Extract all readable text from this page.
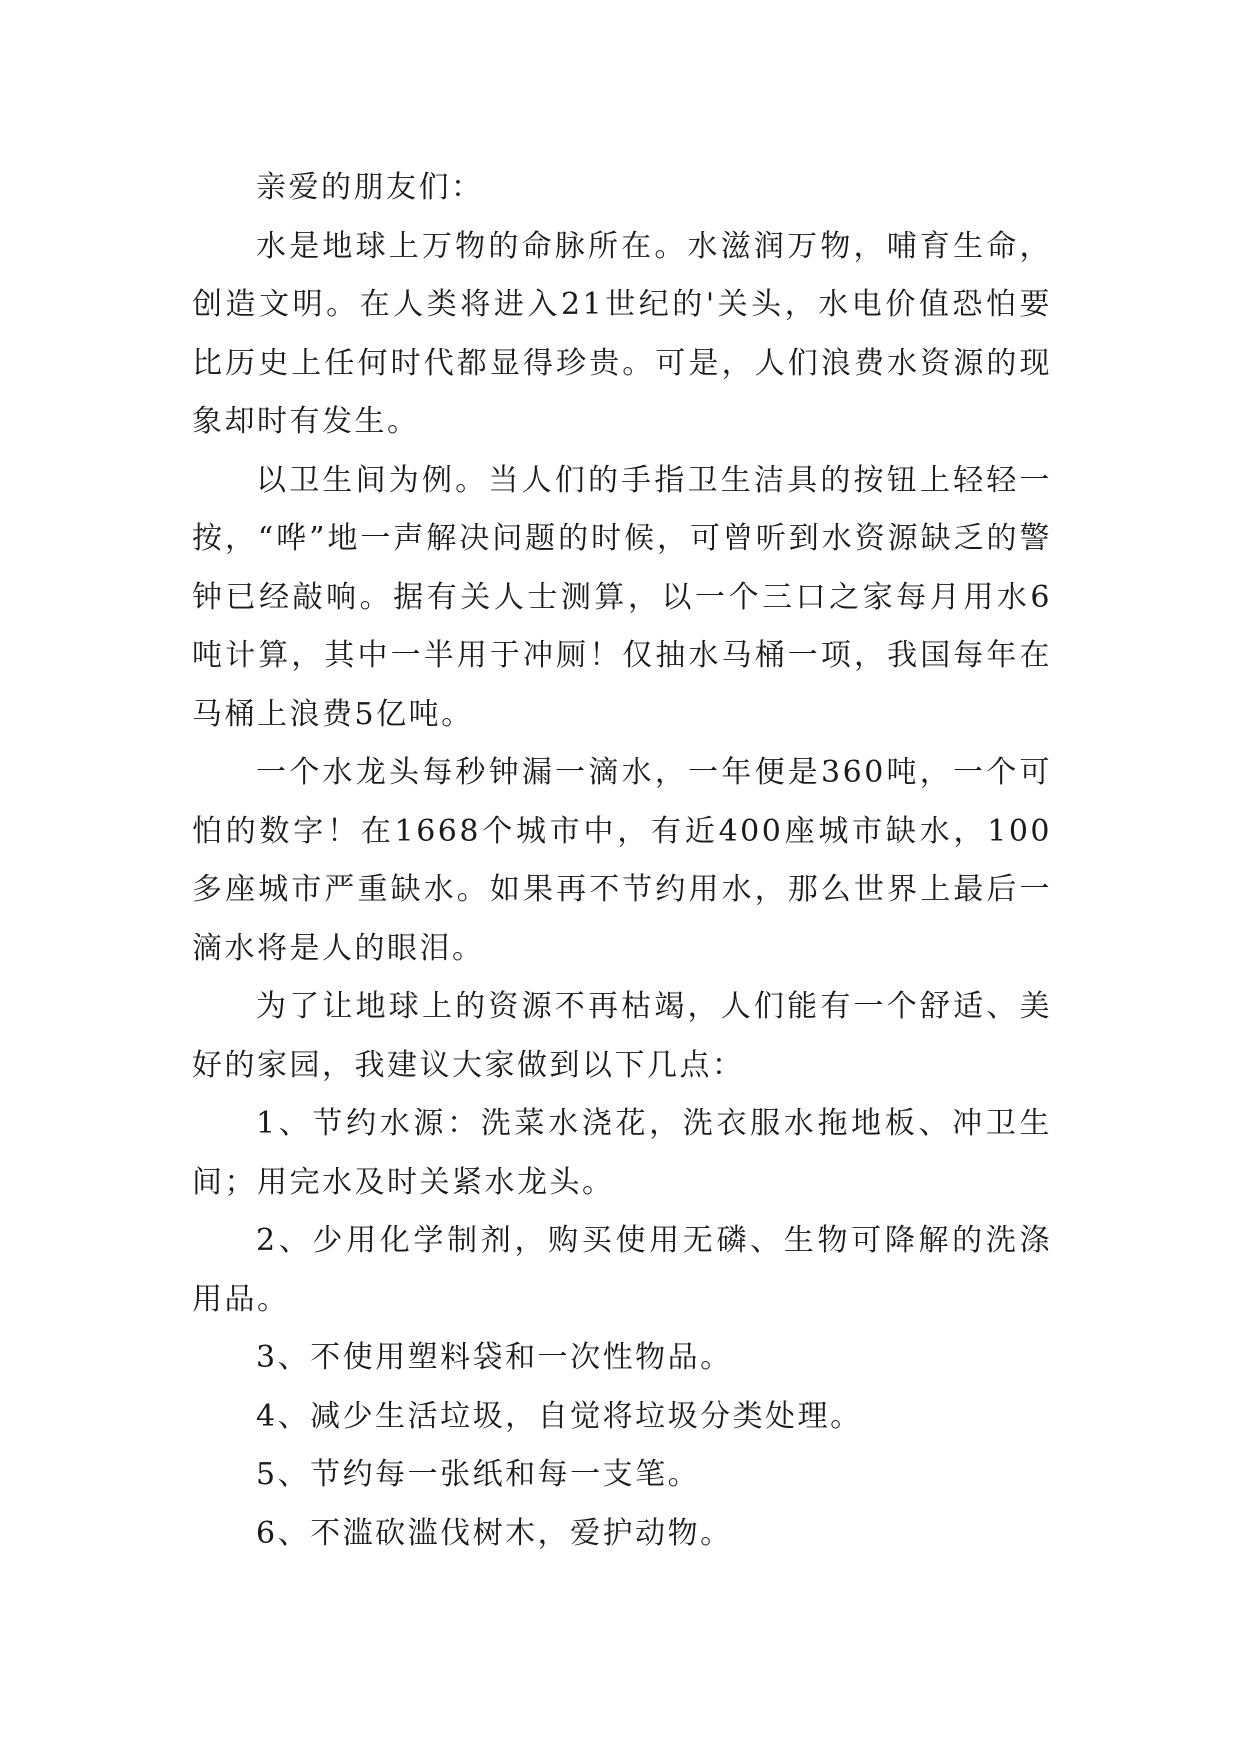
亲爱的朋友们：

水是地球上万物的命脉所在。水滋润万物，哺育生命，创造文明。在人类将进入21世纪的'关头，水电价值恐怕要比历史上任何时代都显得珍贵。可是，人们浪费水资源的现象却时有发生。

以卫生间为例。当人们的手指卫生洁具的按钮上轻轻一按，“哗”地一声解决问题的时候，可曾听到水资源缺乏的警钟已经敲响。据有关人士测算，以一个三口之家每月用水6吨计算，其中一半用于冲厕！仅抽水马桶一项，我国每年在马桶上浪费5亿吨。

一个水龙头每秒钟漏一滴水，一年便是360吨，一个可怕的数字！在1668个城市中，有近400座城市缺水，100多座城市严重缺水。如果再不节约用水，那么世界上最后一滴水将是人的眼泪。

为了让地球上的资源不再枯竭，人们能有一个舒适、美好的家园，我建议大家做到以下几点：

1、节约水源：洗菜水浇花，洗衣服水拖地板、冲卫生间；用完水及时关紧水龙头。

2、少用化学制剂，购买使用无磷、生物可降解的洗涤用品。

3、不使用塑料袋和一次性物品。

4、减少生活垃圾，自觉将垃圾分类处理。

5、节约每一张纸和每一支笔。

6、不滥砍滥伐树木，爱护动物。
